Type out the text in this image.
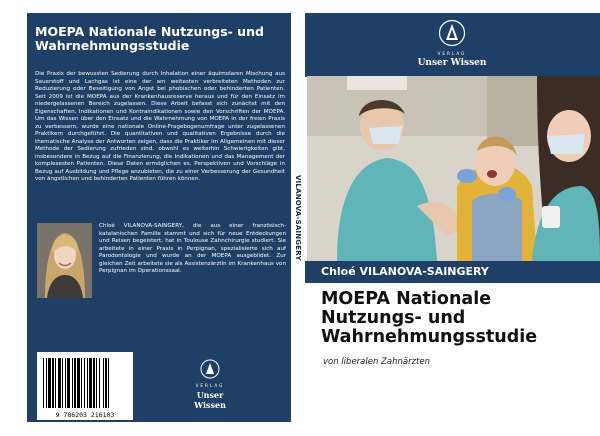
MOEPA Nationale Nutzungs- und Wahrnehmungsstudie
Die Praxis der bewussten Sedierung durch Inhalation einer äquimolaren Mischung aus Sauerstoff und Lachgas ist eine der am weitesten verbreiteten Methoden zur Reduzierung oder Beseitigung von Angst bei phobischen oder behinderten Patienten. Seit 2009 ist die MOEPA aus der Krankenhausreserve heraus und für den Einsatz im niedergelassenen Bereich zugelassen. Diese Arbeit befasst sich zunächst mit den Eigenschaften, Indikationen und Kontraindikationen sowie den Vorschriften der MOEPA. Um das Wissen über den Einsatz und die Wahrnehmung von MOEPA in der freien Praxis zu verbessern, wurde eine nationale Online-Fragebogenumfrage unter zugelassenen Praktikern durchgeführt. Die quantitativen und qualitativen Ergebnisse durch die thematische Analyse der Antworten zeigen, dass die Praktiker im Allgemeinen mit dieser Methode der Sedierung zufrieden sind, obwohl es weiterhin Schwierigkeiten gibt, insbesondere in Bezug auf die Finanzierung, die Indikationen und das Management der komplexesten Patienten. Diese Daten ermöglichen es, Perspektiven und Vorschläge in Bezug auf Ausbildung und Pflege anzubieten, die zu einer Verbesserung der Gesundheit von ängstlichen und behinderten Patienten führen können.
Chloé VILANOVA-SAINGERY, die aus einer französisch-katalanischen Familie stammt und sich für neue Entdeckungen und Reisen begeistert, hat in Toulouse Zahnchirurgie studiert. Sie arbeitete in einer Praxis in Perpignan, spezialisierte sich auf Parodontologie und wurde an der MOEPA ausgebildet. Zur gleichen Zeit arbeitete sie als Assistenzärztin im Krankenhaus von Perpignan im Operationssaal.
VERLAG
Unser Wissen
9 786203 216103
VILANOVA-SAINGERY
VERLAG
Unser Wissen
Chloé VILANOVA-SAINGERY
MOEPA Nationale Nutzungs- und Wahrnehmungsstudie
von liberalen Zahnärzten
